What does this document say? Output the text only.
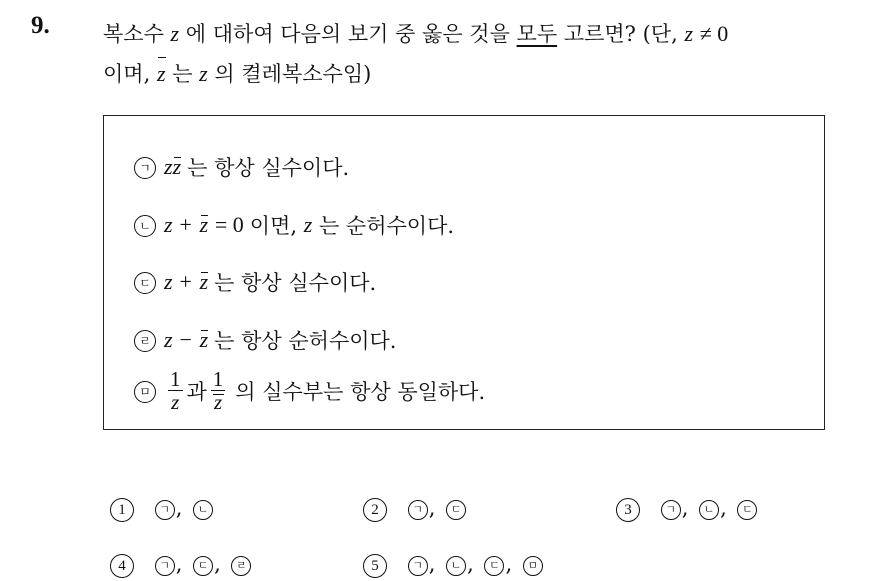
9.	복소수 z 에 대하여 다음의 보기 중 옳은 것을 모두 고르면? (단, z ≠ 0
이며, z 는 z 의 켤레복소수임)
ㄱ z z 는 항상 실수이다.
ㄴ z +
z
= 0 이면,
z
는 순허수이다.
ㄷ z +
z 는 항상 실수이다.
ㄹ z −
z 는 항상 순허수이다.
ㅁ $\frac{1}{z}$ 과 $\frac{1}{z}$ 의 실수부는 항상 동일하다.
1	ㄱ , ㄴ	2	ㄱ , ㄷ	3	ㄱ , ㄴ , ㄷ
4	ㄱ , ㄷ , ㄹ	5	ㄱ , ㄴ , ㄷ , ㅁ
